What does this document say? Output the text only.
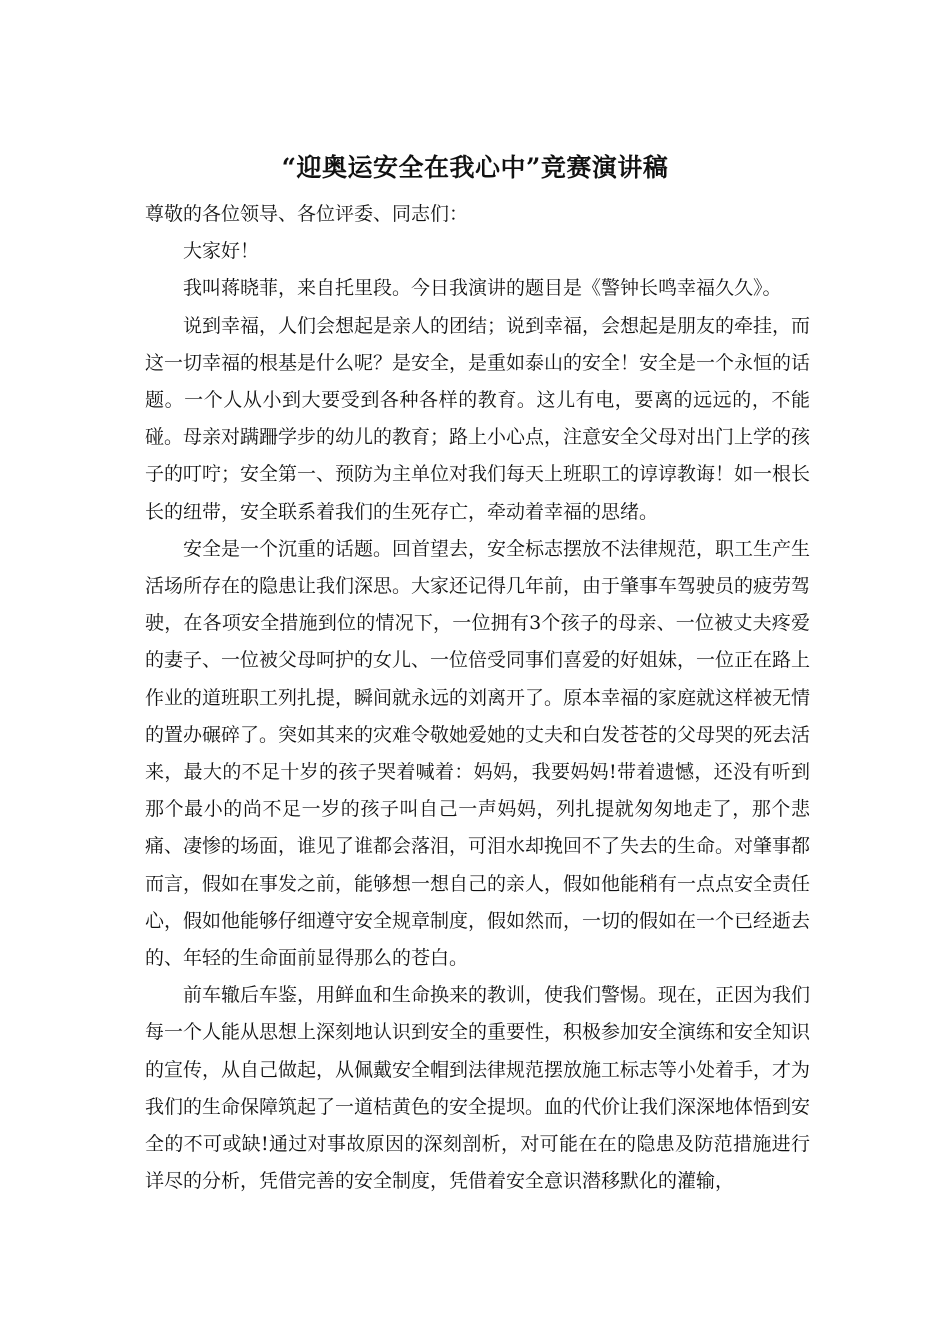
“迎奥运安全在我心中”竞赛演讲稿

尊敬的各位领导、各位评委、同志们：

大家好！

我叫蒋晓菲，来自托里段。今日我演讲的题目是《警钟长鸣幸福久久》。

说到幸福，人们会想起是亲人的团结；说到幸福，会想起是朋友的牵挂，而这一切幸福的根基是什么呢？是安全，是重如泰山的安全！安全是一个永恒的话题。一个人从小到大要受到各种各样的教育。这儿有电，要离的远远的，不能碰。母亲对蹒跚学步的幼儿的教育；路上小心点，注意安全父母对出门上学的孩子的叮咛；安全第一、预防为主单位对我们每天上班职工的谆谆教诲！如一根长长的纽带，安全联系着我们的生死存亡，牵动着幸福的思绪。

安全是一个沉重的话题。回首望去，安全标志摆放不法律规范，职工生产生活场所存在的隐患让我们深思。大家还记得几年前，由于肇事车驾驶员的疲劳驾驶，在各项安全措施到位的情况下，一位拥有3个孩子的母亲、一位被丈夫疼爱的妻子、一位被父母呵护的女儿、一位倍受同事们喜爱的好姐妹，一位正在路上作业的道班职工列扎提，瞬间就永远的刘离开了。原本幸福的家庭就这样被无情的置办碾碎了。突如其来的灾难令敬她爱她的丈夫和白发苍苍的父母哭的死去活来，最大的不足十岁的孩子哭着喊着：妈妈，我要妈妈!带着遗憾，还没有听到那个最小的尚不足一岁的孩子叫自己一声妈妈，列扎提就匆匆地走了，那个悲痛、凄惨的场面，谁见了谁都会落泪，可泪水却挽回不了失去的生命。对肇事都而言，假如在事发之前，能够想一想自己的亲人，假如他能稍有一点点安全责任心，假如他能够仔细遵守安全规章制度，假如然而，一切的假如在一个已经逝去的、年轻的生命面前显得那么的苍白。

前车辙后车鉴，用鲜血和生命换来的教训，使我们警惕。现在，正因为我们每一个人能从思想上深刻地认识到安全的重要性，积极参加安全演练和安全知识的宣传，从自己做起，从佩戴安全帽到法律规范摆放施工标志等小处着手，才为我们的生命保障筑起了一道桔黄色的安全提坝。血的代价让我们深深地体悟到安全的不可或缺!通过对事故原因的深刻剖析，对可能在在的隐患及防范措施进行详尽的分析，凭借完善的安全制度，凭借着安全意识潜移默化的灌输，
